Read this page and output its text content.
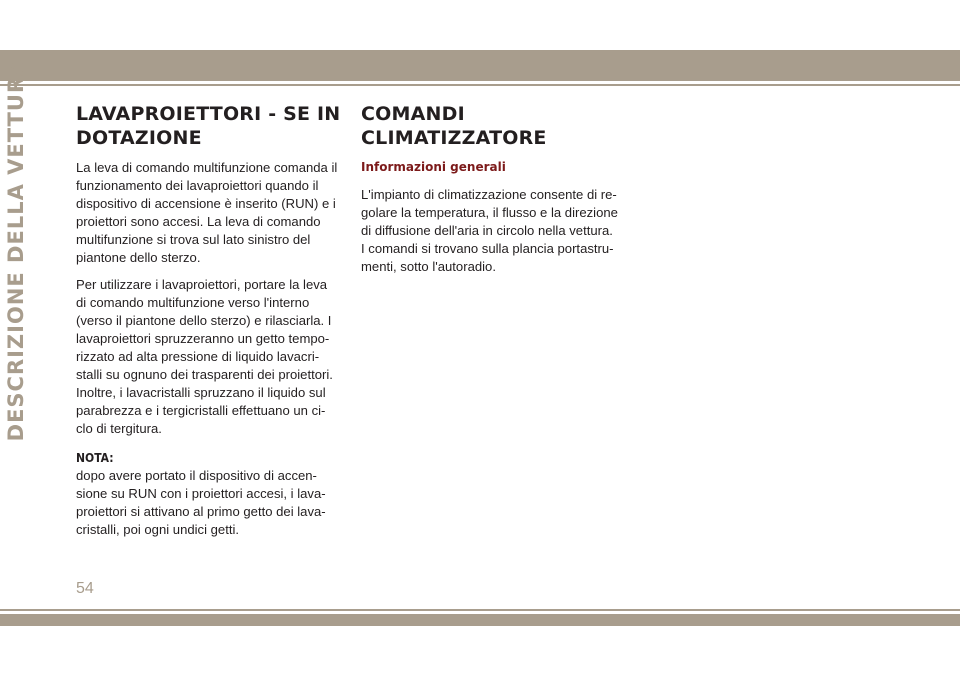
DESCRIZIONE DELLA VETTURA	LAVAPROIETTORI - SE IN
DOTAZIONE

La leva di comando multifunzione comanda il
funzionamento dei lavaproiettori quando il
dispositivo di accensione è inserito (RUN) e i
proiettori sono accesi. La leva di comando
multifunzione si trova sul lato sinistro del
piantone dello sterzo.

Per utilizzare i lavaproiettori, portare la leva
di comando multifunzione verso l'interno
(verso il piantone dello sterzo) e rilasciarla. I
lavaproiettori spruzzeranno un getto tempo-
rizzato ad alta pressione di liquido lavacri-
stalli su ognuno dei trasparenti dei proiettori.
Inoltre, i lavacristalli spruzzano il liquido sul
parabrezza e i tergicristalli effettuano un ci-
clo di tergitura.

NOTA:

dopo avere portato il dispositivo di accen-
sione su RUN con i proiettori accesi, i lava-
proiettori si attivano al primo getto dei lava-
cristalli, poi ogni undici getti.

COMANDI
CLIMATIZZATORE
Informazioni generali

L'impianto di climatizzazione consente di re-
golare la temperatura, il flusso e la direzione
di diffusione dell'aria in circolo nella vettura.
I comandi si trovano sulla plancia portastru-
menti, sotto l'autoradio.

54
